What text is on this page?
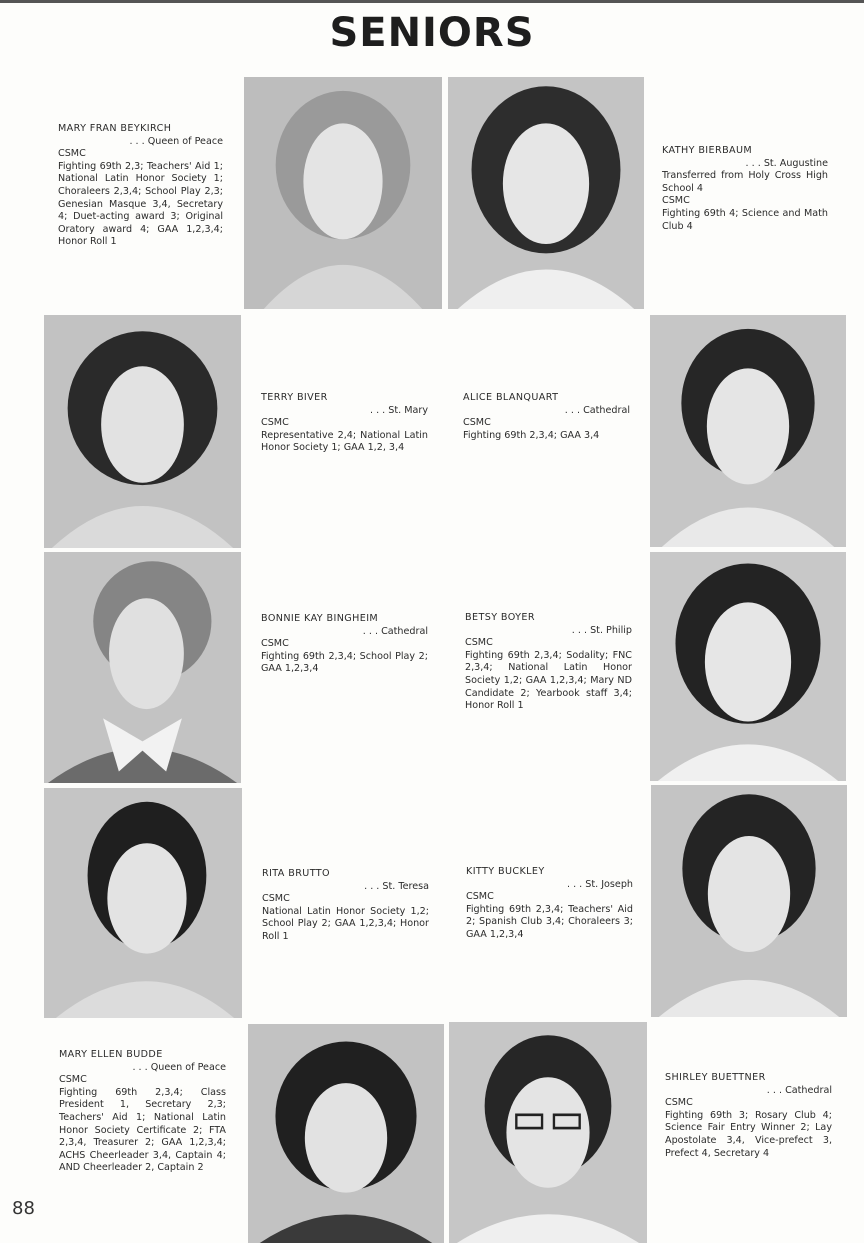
SENIORS
MARY FRAN BEYKIRCH
. . . Queen of Peace
CSMC
Fighting 69th 2,3; Teachers' Aid 1; National Latin Honor Society 1; Choraleers 2,3,4; School Play 2,3; Genesian Masque 3,4, Secretary 4; Duet-acting award 3; Original Oratory award 4; GAA 1,2,3,4; Honor Roll 1
KATHY BIERBAUM
. . . St. Augustine
Transferred from Holy Cross High School 4
CSMC
Fighting 69th 4; Science and Math Club 4
TERRY BIVER
. . . St. Mary
CSMC
Representative 2,4; National Latin Honor Society 1; GAA 1,2, 3,4
ALICE BLANQUART
. . . Cathedral
CSMC
Fighting 69th 2,3,4; GAA 3,4
BONNIE KAY BINGHEIM
. . . Cathedral
CSMC
Fighting 69th 2,3,4; School Play 2; GAA 1,2,3,4
BETSY BOYER
. . . St. Philip
CSMC
Fighting 69th 2,3,4; Sodality; FNC 2,3,4; National Latin Honor Society 1,2; GAA 1,2,3,4; Mary ND Candidate 2; Yearbook staff 3,4; Honor Roll 1
RITA BRUTTO
. . . St. Teresa
CSMC
National Latin Honor Society 1,2; School Play 2; GAA 1,2,3,4; Honor Roll 1
KITTY BUCKLEY
. . . St. Joseph
CSMC
Fighting 69th 2,3,4; Teachers' Aid 2; Spanish Club 3,4; Choraleers 3; GAA 1,2,3,4
MARY ELLEN BUDDE
. . . Queen of Peace
CSMC
Fighting 69th 2,3,4; Class President 1, Secretary 2,3; Teachers' Aid 1; National Latin Honor Society Certificate 2; FTA 2,3,4, Treasurer 2; GAA 1,2,3,4; ACHS Cheerleader 3,4, Captain 4; AND Cheerleader 2, Captain 2
SHIRLEY BUETTNER
. . . Cathedral
CSMC
Fighting 69th 3; Rosary Club 4; Science Fair Entry Winner 2; Lay Apostolate 3,4, Vice-prefect 3, Prefect 4, Secretary 4
88
